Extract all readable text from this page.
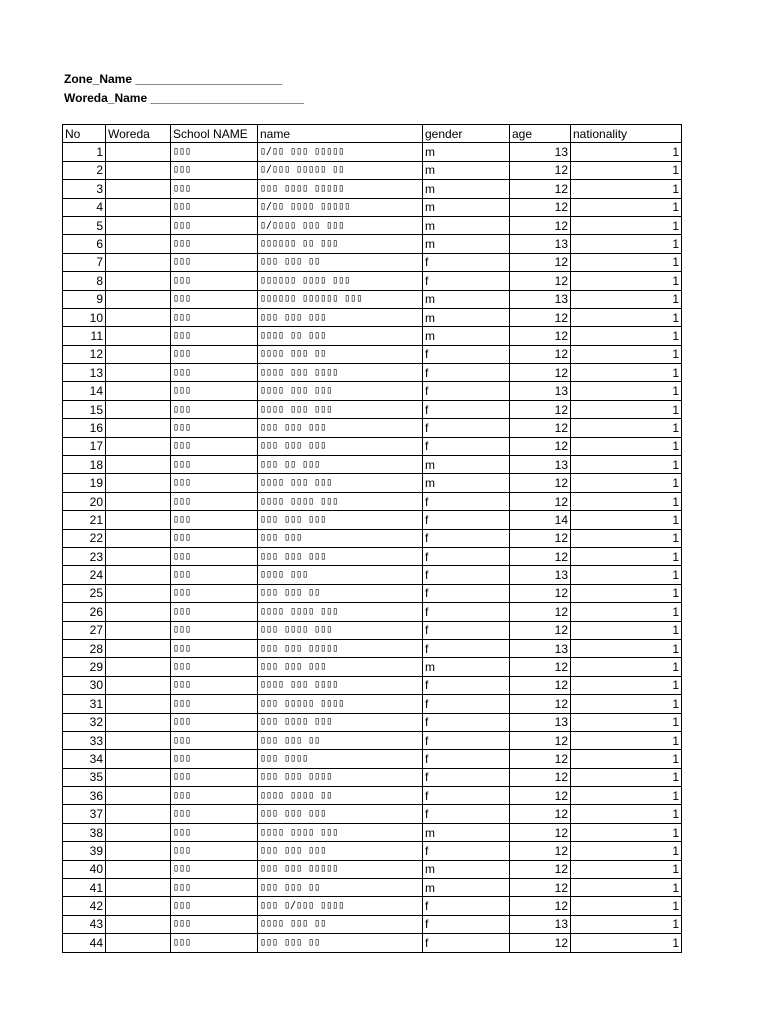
Zone_Name ______________________
Woreda_Name _______________________
No	Woreda	School NAME	name	gender	age	nationality
1		▯▯▯	▯/▯▯ ▯▯▯ ▯▯▯▯▯	m	13	1
2		▯▯▯	▯/▯▯▯ ▯▯▯▯▯ ▯▯	m	12	1
3		▯▯▯	▯▯▯ ▯▯▯▯ ▯▯▯▯▯	m	12	1
4		▯▯▯	▯/▯▯ ▯▯▯▯ ▯▯▯▯▯	m	12	1
5		▯▯▯	▯/▯▯▯▯ ▯▯▯ ▯▯▯	m	12	1
6		▯▯▯	▯▯▯▯▯▯ ▯▯ ▯▯▯	m	13	1
7		▯▯▯	▯▯▯ ▯▯▯ ▯▯	f	12	1
8		▯▯▯	▯▯▯▯▯▯ ▯▯▯▯ ▯▯▯	f	12	1
9		▯▯▯	▯▯▯▯▯▯ ▯▯▯▯▯▯ ▯▯▯	m	13	1
10		▯▯▯	▯▯▯ ▯▯▯ ▯▯▯	m	12	1
11		▯▯▯	▯▯▯▯ ▯▯ ▯▯▯	m	12	1
12		▯▯▯	▯▯▯▯ ▯▯▯ ▯▯	f	12	1
13		▯▯▯	▯▯▯▯ ▯▯▯ ▯▯▯▯	f	12	1
14		▯▯▯	▯▯▯▯ ▯▯▯ ▯▯▯	f	13	1
15		▯▯▯	▯▯▯▯ ▯▯▯ ▯▯▯	f	12	1
16		▯▯▯	▯▯▯ ▯▯▯ ▯▯▯	f	12	1
17		▯▯▯	▯▯▯ ▯▯▯ ▯▯▯	f	12	1
18		▯▯▯	▯▯▯ ▯▯ ▯▯▯	m	13	1
19		▯▯▯	▯▯▯▯ ▯▯▯ ▯▯▯	m	12	1
20		▯▯▯	▯▯▯▯ ▯▯▯▯ ▯▯▯	f	12	1
21		▯▯▯	▯▯▯ ▯▯▯ ▯▯▯	f	14	1
22		▯▯▯	▯▯▯ ▯▯▯	f	12	1
23		▯▯▯	▯▯▯ ▯▯▯ ▯▯▯	f	12	1
24		▯▯▯	▯▯▯▯ ▯▯▯	f	13	1
25		▯▯▯	▯▯▯ ▯▯▯ ▯▯	f	12	1
26		▯▯▯	▯▯▯▯ ▯▯▯▯ ▯▯▯	f	12	1
27		▯▯▯	▯▯▯ ▯▯▯▯ ▯▯▯	f	12	1
28		▯▯▯	▯▯▯ ▯▯▯ ▯▯▯▯▯	f	13	1
29		▯▯▯	▯▯▯ ▯▯▯ ▯▯▯	m	12	1
30		▯▯▯	▯▯▯▯ ▯▯▯ ▯▯▯▯	f	12	1
31		▯▯▯	▯▯▯ ▯▯▯▯▯ ▯▯▯▯	f	12	1
32		▯▯▯	▯▯▯ ▯▯▯▯ ▯▯▯	f	13	1
33		▯▯▯	▯▯▯ ▯▯▯ ▯▯	f	12	1
34		▯▯▯	▯▯▯ ▯▯▯▯	f	12	1
35		▯▯▯	▯▯▯ ▯▯▯ ▯▯▯▯	f	12	1
36		▯▯▯	▯▯▯▯ ▯▯▯▯ ▯▯	f	12	1
37		▯▯▯	▯▯▯ ▯▯▯ ▯▯▯	f	12	1
38		▯▯▯	▯▯▯▯ ▯▯▯▯ ▯▯▯	m	12	1
39		▯▯▯	▯▯▯ ▯▯▯ ▯▯▯	f	12	1
40		▯▯▯	▯▯▯ ▯▯▯ ▯▯▯▯▯	m	12	1
41		▯▯▯	▯▯▯ ▯▯▯ ▯▯	m	12	1
42		▯▯▯	▯▯▯ ▯/▯▯▯ ▯▯▯▯	f	12	1
43		▯▯▯	▯▯▯▯ ▯▯▯ ▯▯	f	13	1
44		▯▯▯	▯▯▯ ▯▯▯ ▯▯	f	12	1
